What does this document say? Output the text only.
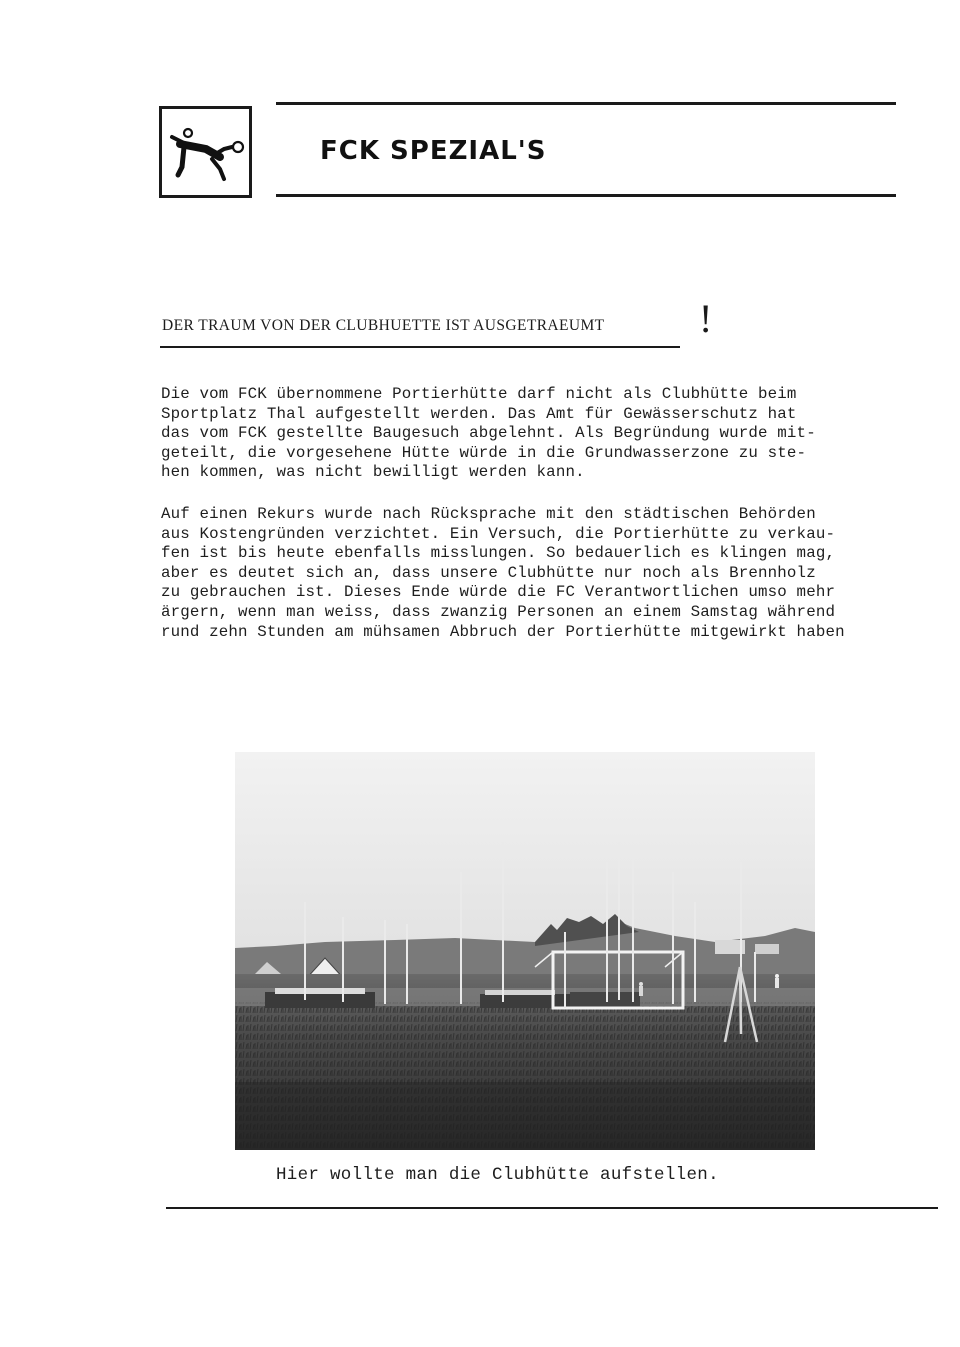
FCK SPEZIAL'S
DER TRAUM VON DER CLUBHUETTE IST AUSGETRAEUMT !
Die vom FCK übernommene Portierhütte darf nicht als Clubhütte beim
Sportplatz Thal aufgestellt werden. Das Amt für Gewässerschutz hat
das vom FCK gestellte Baugesuch abgelehnt. Als Begründung wurde mit-
geteilt, die vorgesehene Hütte würde in die Grundwasserzone zu ste-
hen kommen, was nicht bewilligt werden kann.
Auf einen Rekurs wurde nach Rücksprache mit den städtischen Behörden
aus Kostengründen verzichtet. Ein Versuch, die Portierhütte zu verkau-
fen ist bis heute ebenfalls misslungen. So bedauerlich es klingen mag,
aber es deutet sich an, dass unsere Clubhütte nur noch als Brennholz
zu gebrauchen ist. Dieses Ende würde die FC Verantwortlichen umso mehr
ärgern, wenn man weiss, dass zwanzig Personen an einem Samstag während
rund zehn Stunden am mühsamen Abbruch der Portierhütte mitgewirkt haben
Hier wollte man die Clubhütte aufstellen.
